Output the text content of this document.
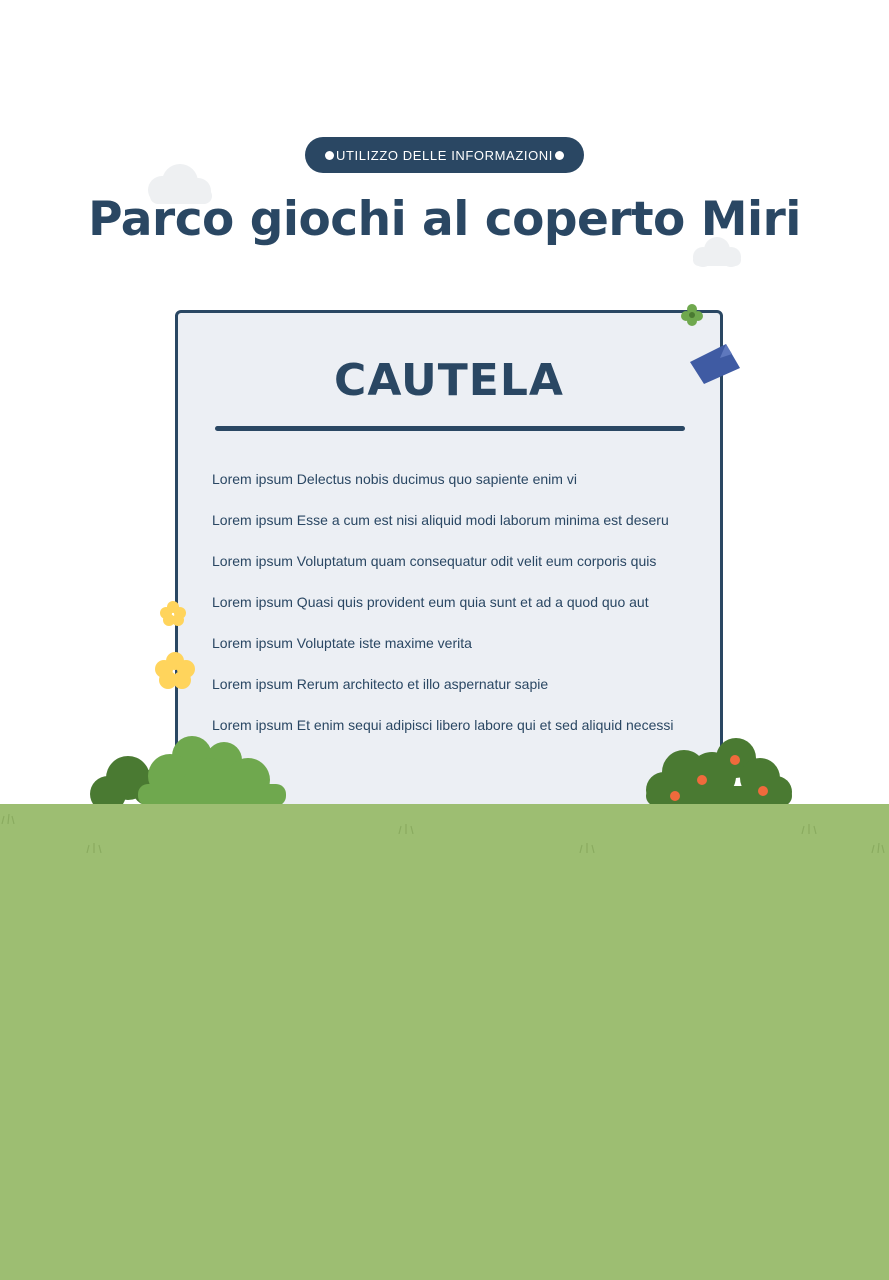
UTILIZZO DELLE INFORMAZIONI
Parco giochi al coperto Miri
CAUTELA
Lorem ipsum Delectus nobis ducimus quo sapiente enim vi
Lorem ipsum Esse a cum est nisi aliquid modi laborum minima est deseru
Lorem ipsum Voluptatum quam consequatur odit velit eum corporis quis
Lorem ipsum Quasi quis provident eum quia sunt et ad a quod quo aut
Lorem ipsum Voluptate iste maxime verita
Lorem ipsum Rerum architecto et illo aspernatur sapie
Lorem ipsum Et enim sequi adipisci libero labore qui et sed aliquid necessi
